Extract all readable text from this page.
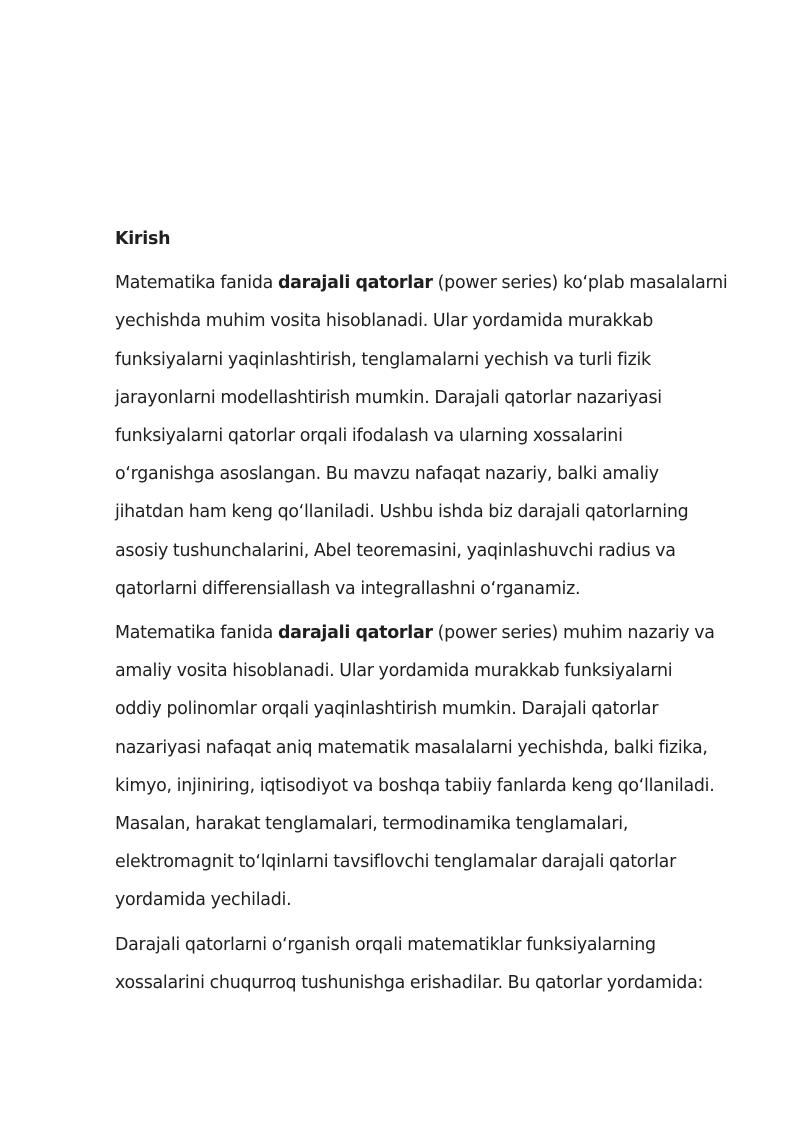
Kirish
Matematika fanida darajali qatorlar (power series) ko‘plab masalalarni
yechishda muhim vosita hisoblanadi. Ular yordamida murakkab
funksiyalarni yaqinlashtirish, tenglamalarni yechish va turli fizik
jarayonlarni modellashtirish mumkin. Darajali qatorlar nazariyasi
funksiyalarni qatorlar orqali ifodalash va ularning xossalarini
o‘rganishga asoslangan. Bu mavzu nafaqat nazariy, balki amaliy
jihatdan ham keng qo‘llaniladi. Ushbu ishda biz darajali qatorlarning
asosiy tushunchalarini, Abel teoremasini, yaqinlashuvchi radius va
qatorlarni differensiallash va integrallashni o‘rganamiz.
Matematika fanida darajali qatorlar (power series) muhim nazariy va
amaliy vosita hisoblanadi. Ular yordamida murakkab funksiyalarni
oddiy polinomlar orqali yaqinlashtirish mumkin. Darajali qatorlar
nazariyasi nafaqat aniq matematik masalalarni yechishda, balki fizika,
kimyo, injiniring, iqtisodiyot va boshqa tabiiy fanlarda keng qo‘llaniladi.
Masalan, harakat tenglamalari, termodinamika tenglamalari,
elektromagnit to‘lqinlarni tavsiflovchi tenglamalar darajali qatorlar
yordamida yechiladi.
Darajali qatorlarni o‘rganish orqali matematiklar funksiyalarning
xossalarini chuqurroq tushunishga erishadilar. Bu qatorlar yordamida:
